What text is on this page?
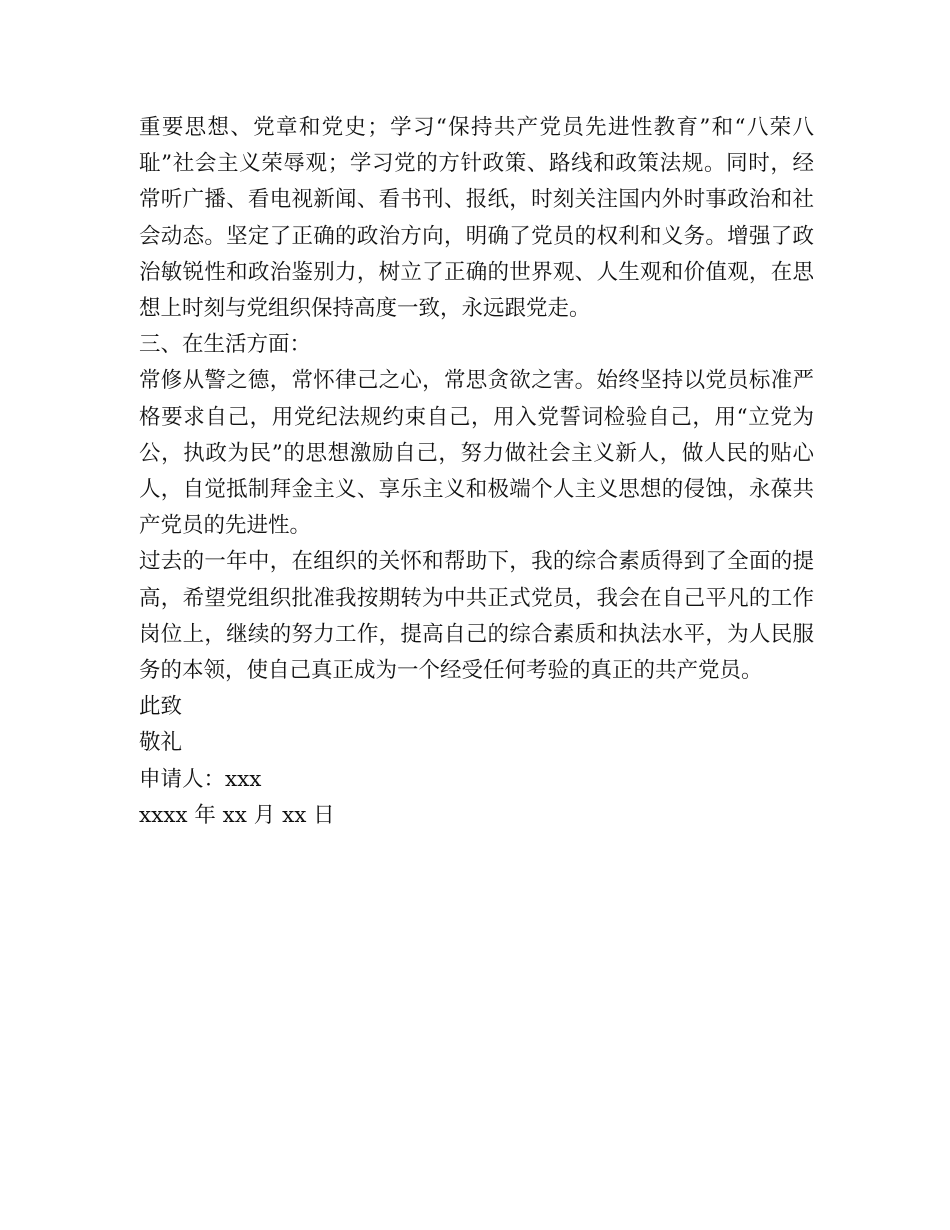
重要思想、党章和党史；学习“保持共产党员先进性教育”和“八荣八耻”社会主义荣辱观；学习党的方针政策、路线和政策法规。同时，经常听广播、看电视新闻、看书刊、报纸，时刻关注国内外时事政治和社会动态。坚定了正确的政治方向，明确了党员的权利和义务。增强了政治敏锐性和政治鉴别力，树立了正确的世界观、人生观和价值观，在思想上时刻与党组织保持高度一致，永远跟党走。

三、在生活方面：

常修从警之德，常怀律己之心，常思贪欲之害。始终坚持以党员标准严格要求自己，用党纪法规约束自己，用入党誓词检验自己，用“立党为公，执政为民”的思想激励自己，努力做社会主义新人，做人民的贴心人，自觉抵制拜金主义、享乐主义和极端个人主义思想的侵蚀，永葆共产党员的先进性。

过去的一年中，在组织的关怀和帮助下，我的综合素质得到了全面的提高，希望党组织批准我按期转为中共正式党员，我会在自己平凡的工作岗位上，继续的努力工作，提高自己的综合素质和执法水平，为人民服务的本领，使自己真正成为一个经受任何考验的真正的共产党员。

此致

敬礼

申请人：xxx

xxxx 年 xx 月 xx 日
